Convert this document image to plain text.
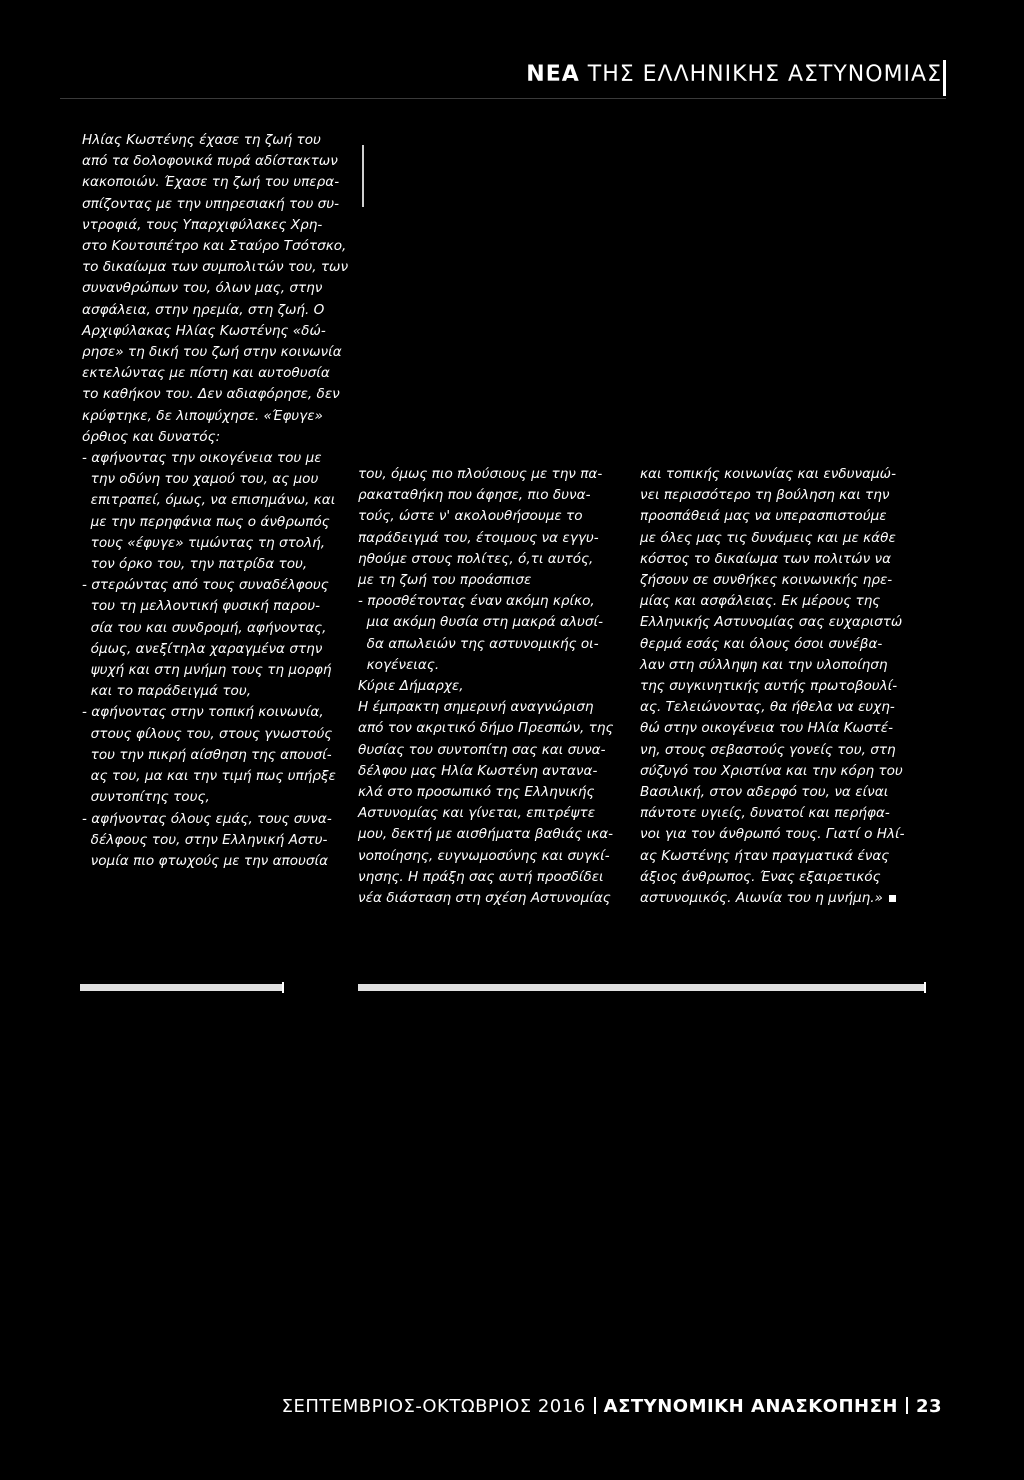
ΝΕΑ ΤΗΣ ΕΛΛΗΝΙΚΗΣ ΑΣΤΥΝΟΜΙΑΣ
Ηλίας Κωστένης έχασε τη ζωή του
από τα δολοφονικά πυρά αδίστακτων
κακοποιών. Έχασε τη ζωή του υπερα-
σπίζοντας με την υπηρεσιακή του συ-
ντροφιά, τους Υπαρχιφύλακες Χρη-
στο Κουτσιπέτρο και Σταύρο Τσότσκο,
το δικαίωμα των συμπολιτών του, των
συνανθρώπων του, όλων μας, στην
ασφάλεια, στην ηρεμία, στη ζωή. Ο
Αρχιφύλακας Ηλίας Κωστένης «δώ-
ρησε» τη δική του ζωή στην κοινωνία
εκτελώντας με πίστη και αυτοθυσία
το καθήκον του. Δεν αδιαφόρησε, δεν
κρύφτηκε, δε λιποψύχησε. «Έφυγε»
όρθιος και δυνατός:
- αφήνοντας την οικογένεια του με
την οδύνη του χαμού του, ας μου
επιτραπεί, όμως, να επισημάνω, και
με την περηφάνια πως ο άνθρωπός
τους «έφυγε» τιμώντας τη στολή,
τον όρκο του, την πατρίδα του,
- στερώντας από τους συναδέλφους
του τη μελλοντική φυσική παρου-
σία του και συνδρομή, αφήνοντας,
όμως, ανεξίτηλα χαραγμένα στην
ψυχή και στη μνήμη τους τη μορφή
και το παράδειγμά του,
- αφήνοντας στην τοπική κοινωνία,
στους φίλους του, στους γνωστούς
του την πικρή αίσθηση της απουσί-
ας του, μα και την τιμή πως υπήρξε
συντοπίτης τους,
- αφήνοντας όλους εμάς, τους συνα-
δέλφους του, στην Ελληνική Αστυ-
νομία πιο φτωχούς με την απουσία
του, όμως πιο πλούσιους με την πα-
ρακαταθήκη που άφησε, πιο δυνα-
τούς, ώστε ν' ακολουθήσουμε το
παράδειγμά του, έτοιμους να εγγυ-
ηθούμε στους πολίτες, ό,τι αυτός,
με τη ζωή του προάσπισε
- προσθέτοντας έναν ακόμη κρίκο,
μια ακόμη θυσία στη μακρά αλυσί-
δα απωλειών της αστυνομικής οι-
κογένειας.
Κύριε Δήμαρχε,
Η έμπρακτη σημερινή αναγνώριση
από τον ακριτικό δήμο Πρεσπών, της
θυσίας του συντοπίτη σας και συνα-
δέλφου μας Ηλία Κωστένη αντανα-
κλά στο προσωπικό της Ελληνικής
Αστυνομίας και γίνεται, επιτρέψτε
μου, δεκτή με αισθήματα βαθιάς ικα-
νοποίησης, ευγνωμοσύνης και συγκί-
νησης. Η πράξη σας αυτή προσδίδει
νέα διάσταση στη σχέση Αστυνομίας
και τοπικής κοινωνίας και ενδυναμώ-
νει περισσότερο τη βούληση και την
προσπάθειά μας να υπερασπιστούμε
με όλες μας τις δυνάμεις και με κάθε
κόστος το δικαίωμα των πολιτών να
ζήσουν σε συνθήκες κοινωνικής ηρε-
μίας και ασφάλειας. Εκ μέρους της
Ελληνικής Αστυνομίας σας ευχαριστώ
θερμά εσάς και όλους όσοι συνέβα-
λαν στη σύλληψη και την υλοποίηση
της συγκινητικής αυτής πρωτοβουλί-
ας. Τελειώνοντας, θα ήθελα να ευχη-
θώ στην οικογένεια του Ηλία Κωστέ-
νη, στους σεβαστούς γονείς του, στη
σύζυγό του Χριστίνα και την κόρη του
Βασιλική, στον αδερφό του, να είναι
πάντοτε υγιείς, δυνατοί και περήφα-
νοι για τον άνθρωπό τους. Γιατί ο Ηλί-
ας Κωστένης ήταν πραγματικά ένας
άξιος άνθρωπος. Ένας εξαιρετικός
αστυνομικός. Αιωνία του η μνήμη.»
ΣΕΠΤΕΜΒΡΙΟΣ-ΟΚΤΩΒΡΙΟΣ 2016 ΑΣΤΥΝΟΜΙΚΗ ΑΝΑΣΚΟΠΗΣΗ 23
